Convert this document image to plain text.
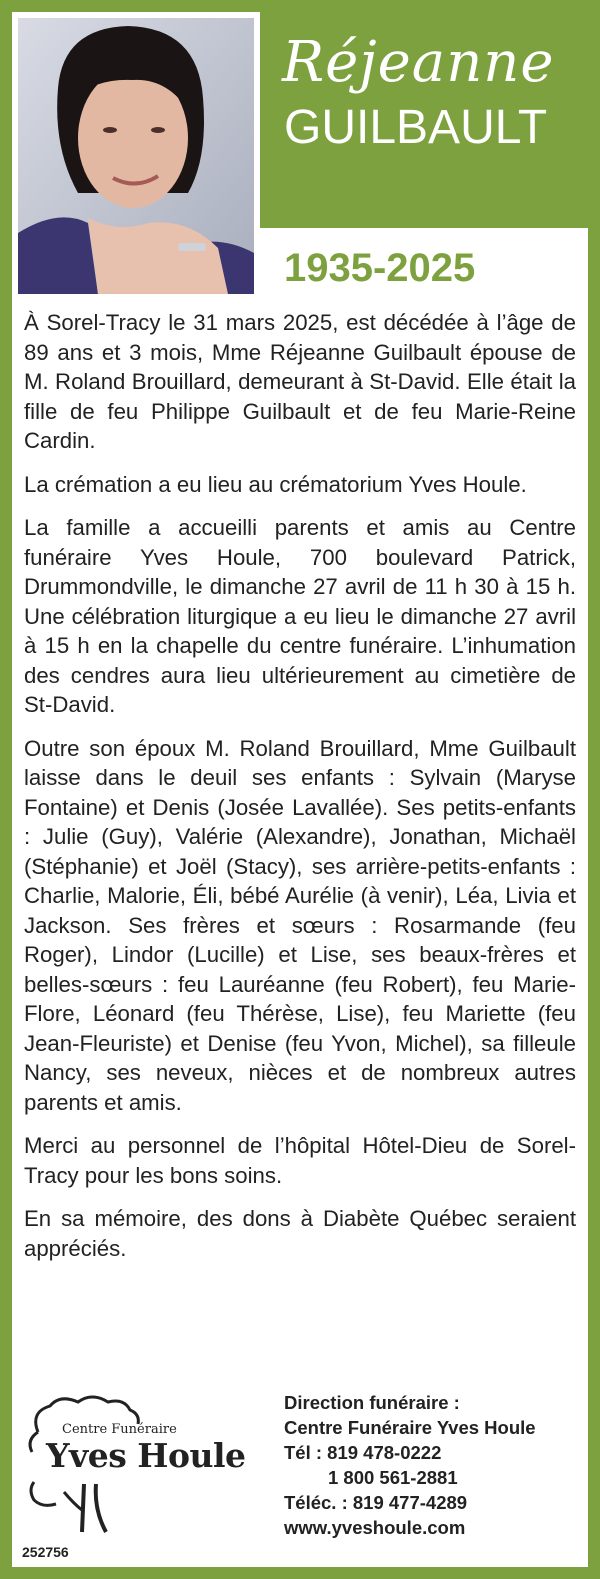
Réjeanne
GUILBAULT
1935-2025

À Sorel-Tracy le 31 mars 2025, est décédée à l’âge de 89 ans et 3 mois, Mme Réjeanne Guilbault épouse de M. Roland Brouillard, demeurant à St-David. Elle était la fille de feu Philippe Guilbault et de feu Marie-Reine Cardin.

La crémation a eu lieu au crématorium Yves Houle.

La famille a accueilli parents et amis au Centre funéraire Yves Houle, 700 boulevard Patrick, Drummondville, le dimanche 27 avril de 11 h 30 à 15 h. Une célébration liturgique a eu lieu le dimanche 27 avril à 15 h en la chapelle du centre funéraire. L’inhumation des cendres aura lieu ultérieurement au cimetière de St-David.

Outre son époux M. Roland Brouillard, Mme Guilbault laisse dans le deuil ses enfants : Sylvain (Maryse Fontaine) et Denis (Josée Lavallée). Ses petits-enfants : Julie (Guy), Valérie (Alexandre), Jonathan, Michaël (Stéphanie) et Joël (Stacy), ses arrière-petits-enfants : Charlie, Malorie, Éli, bébé Aurélie (à venir), Léa, Livia et Jackson. Ses frères et sœurs : Rosarmande (feu Roger), Lindor (Lucille) et Lise, ses beaux-frères et belles-sœurs : feu Lauréanne (feu Robert), feu Marie-Flore, Léonard (feu Thérèse, Lise), feu Mariette (feu Jean-Fleuriste) et Denise (feu Yvon, Michel), sa filleule Nancy, ses neveux, nièces et de nombreux autres parents et amis.

Merci au personnel de l’hôpital Hôtel-Dieu de Sorel-Tracy pour les bons soins.

En sa mémoire, des dons à Diabète Québec seraient appréciés.

Centre Funéraire
Yves Houle
252756
Direction funéraire :
Centre Funéraire Yves Houle
Tél : 819 478-0222
1 800 561-2881
Téléc. : 819 477-4289
www.yveshoule.com
